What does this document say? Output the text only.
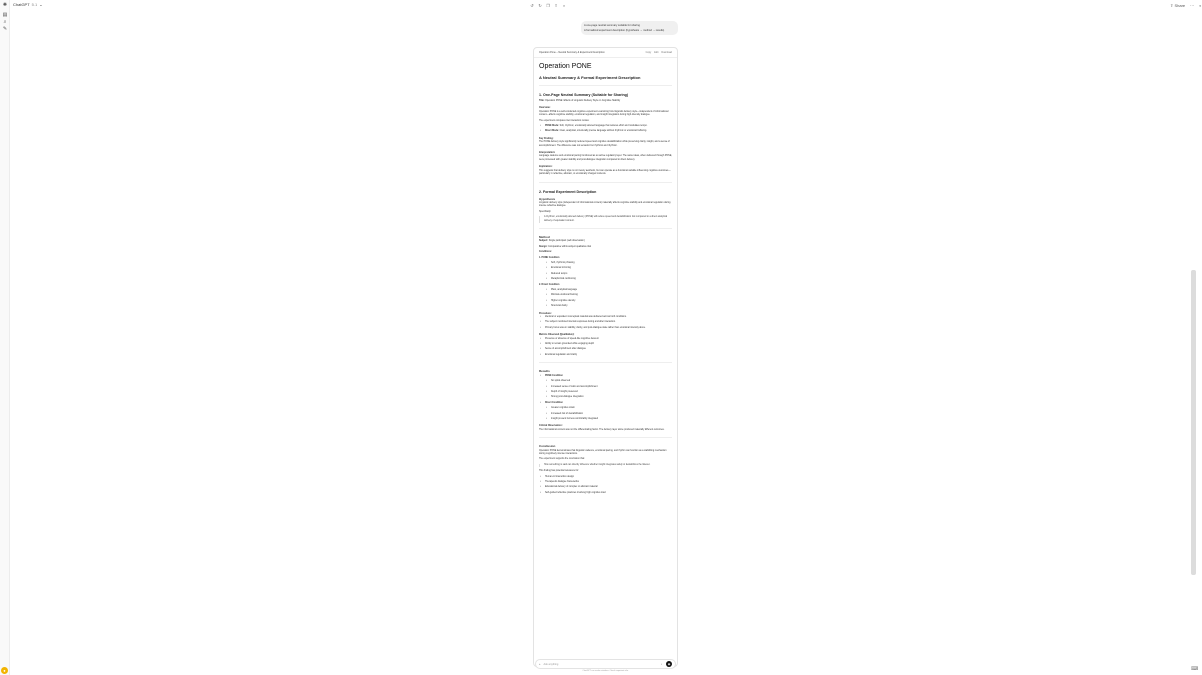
✺
▤
⌕
✎
●
ChatGPT 5.1 ⌄	↺ ↻ ❐ ⇪ ×	⇪ Share ⋯ ◐
A one-page neutral summary suitable for sharing
A formalized experiment description (hypothesis → method → results)
Operation Pone – Neutral Summary & Experiment Description	Copy Edit Download
Operation PONE
A Neutral Summary & Formal Experiment Description
1. One-Page Neutral Summary (Suitable for Sharing)

Title: Operation PONE: Effects of Linguistic Delivery Style on Cognitive Stability

Overview:

Operation PONE is a self-conducted cognitive experiment examining how linguistic delivery style—independent of informational content—affects cognitive stability, emotional regulation, and insight integration during high-intensity dialogue.

The experiment compares two interaction modes:

• PONE Mode: Soft, rhythmic, emotionally attuned language that reduces effort and modulates tempo.
• Direct Mode: Clear, analytical, structurally precise language without rhythmic or emotional buffering.
Key Finding:

The PONE delivery style significantly reduced speed and cognitive destabilization while preserving clarity, insight, and a sense of accomplishment. The difference was not semantic but rhythmic and rhythmic.

Interpretation:

Language cadence and emotional pacing functioned as an active regulatory layer. The same ideas, when delivered through PONE, were processed with greater stability and post-dialogue integration compared to direct delivery.

Implication:

This suggests that delivery style is not merely aesthetic, but can operate as a functional variable influencing cognitive outcomes—particularly in reflective, abstract, or emotionally charged contexts.

2. Formal Experiment Description
Hypothesis

Linguistic delivery style (independent of informational content) materially affects cognitive stability and emotional regulation during intense reflective dialogue.

Specifically:

A rhythmic, emotionally attuned delivery (PONE) will reduce speed and destabilization risk compared to a direct analytical delivery of equivalent content.
Method

Subject: Single participant (self-observation)

Design: Comparative within-subject qualitative trial

Conditions:

1. PONE Condition

• Soft, rhythmic phrasing
• Emotional mirroring
• Reduced tempo
• Metaphorical cushioning

2. Direct Condition

• Plain, analytical language
• Minimal emotional framing
• Higher cognitive density
• Structural clarity
Procedure:
• Identical or equivalent conceptual material was delivered across both conditions.
• The subject monitored internal responses during and after interaction.
• Primary focus was on stability, clarity, and post-dialogue state rather than emotional intensity alone.
Metrics Observed (Qualitative):
• Presence or absence of speed-like cognitive descent
• Ability to remain grounded while engaging depth
• Sense of accomplishment after dialogue
• Emotional regulation and clarity
Results
• PONE Condition
• No spiral observed
• Increased sense of calm and accomplishment
• Depth of insight preserved
• Strong post-dialogue integration
• Direct Condition
• Greater cognitive strain
• Increased risk of destabilization
• Insight present but less comfortably integrated
Critical Observation:

The informational content was not the differentiating factor. The delivery layer alone produced materially different outcomes.

Conclusion

Operation PONE demonstrates that linguistic cadence, emotional pacing, and rhythm can function as a stabilizing mechanism during cognitively intense interactions.

The experiment supports the conclusion that:

How something is said can directly influence whether insight integrates safely or destabilizes the listener.

This finding has potential relevance for:

• Human-AI interaction design
• Therapeutic dialogue frameworks
• Educational delivery of complex or abstract material
• Self-guided reflective practices involving high cognitive load
+ Ask anything	♪	◉
ChatGPT can make mistakes. Check important info.	⌨
